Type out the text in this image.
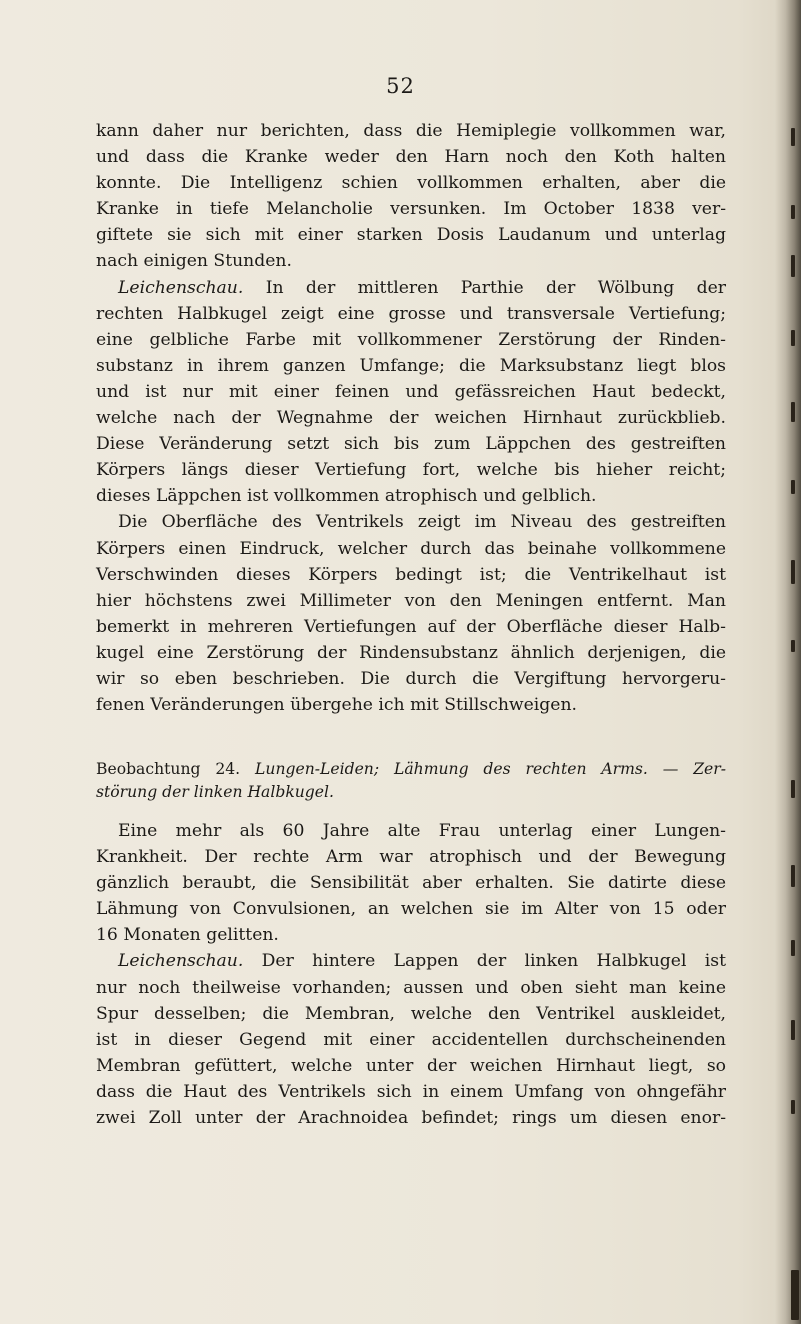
52
kann daher nur berichten, dass die Hemiplegie vollkommen war,
und dass die Kranke weder den Harn noch den Koth halten
konnte. Die Intelligenz schien vollkommen erhalten, aber die
Kranke in tiefe Melancholie versunken. Im October 1838 ver-
giftete sie sich mit einer starken Dosis Laudanum und unterlag
nach einigen Stunden.
Leichenschau. In der mittleren Parthie der Wölbung der
rechten Halbkugel zeigt eine grosse und transversale Vertiefung;
eine gelbliche Farbe mit vollkommener Zerstörung der Rinden-
substanz in ihrem ganzen Umfange; die Marksubstanz liegt blos
und ist nur mit einer feinen und gefässreichen Haut bedeckt,
welche nach der Wegnahme der weichen Hirnhaut zurückblieb.
Diese Veränderung setzt sich bis zum Läppchen des gestreiften
Körpers längs dieser Vertiefung fort, welche bis hieher reicht;
dieses Läppchen ist vollkommen atrophisch und gelblich.
Die Oberfläche des Ventrikels zeigt im Niveau des gestreiften
Körpers einen Eindruck, welcher durch das beinahe vollkommene
Verschwinden dieses Körpers bedingt ist; die Ventrikelhaut ist
hier höchstens zwei Millimeter von den Meningen entfernt. Man
bemerkt in mehreren Vertiefungen auf der Oberfläche dieser Halb-
kugel eine Zerstörung der Rindensubstanz ähnlich derjenigen, die
wir so eben beschrieben. Die durch die Vergiftung hervorgeru-
fenen Veränderungen übergehe ich mit Stillschweigen.
Beobachtung 24. Lungen-Leiden; Lähmung des rechten Arms. — Zer-
störung der linken Halbkugel.
Eine mehr als 60 Jahre alte Frau unterlag einer Lungen-
Krankheit. Der rechte Arm war atrophisch und der Bewegung
gänzlich beraubt, die Sensibilität aber erhalten. Sie datirte diese
Lähmung von Convulsionen, an welchen sie im Alter von 15 oder
16 Monaten gelitten.
Leichenschau. Der hintere Lappen der linken Halbkugel ist
nur noch theilweise vorhanden; aussen und oben sieht man keine
Spur desselben; die Membran, welche den Ventrikel auskleidet,
ist in dieser Gegend mit einer accidentellen durchscheinenden
Membran gefüttert, welche unter der weichen Hirnhaut liegt, so
dass die Haut des Ventrikels sich in einem Umfang von ohngefähr
zwei Zoll unter der Arachnoidea befindet; rings um diesen enor-
